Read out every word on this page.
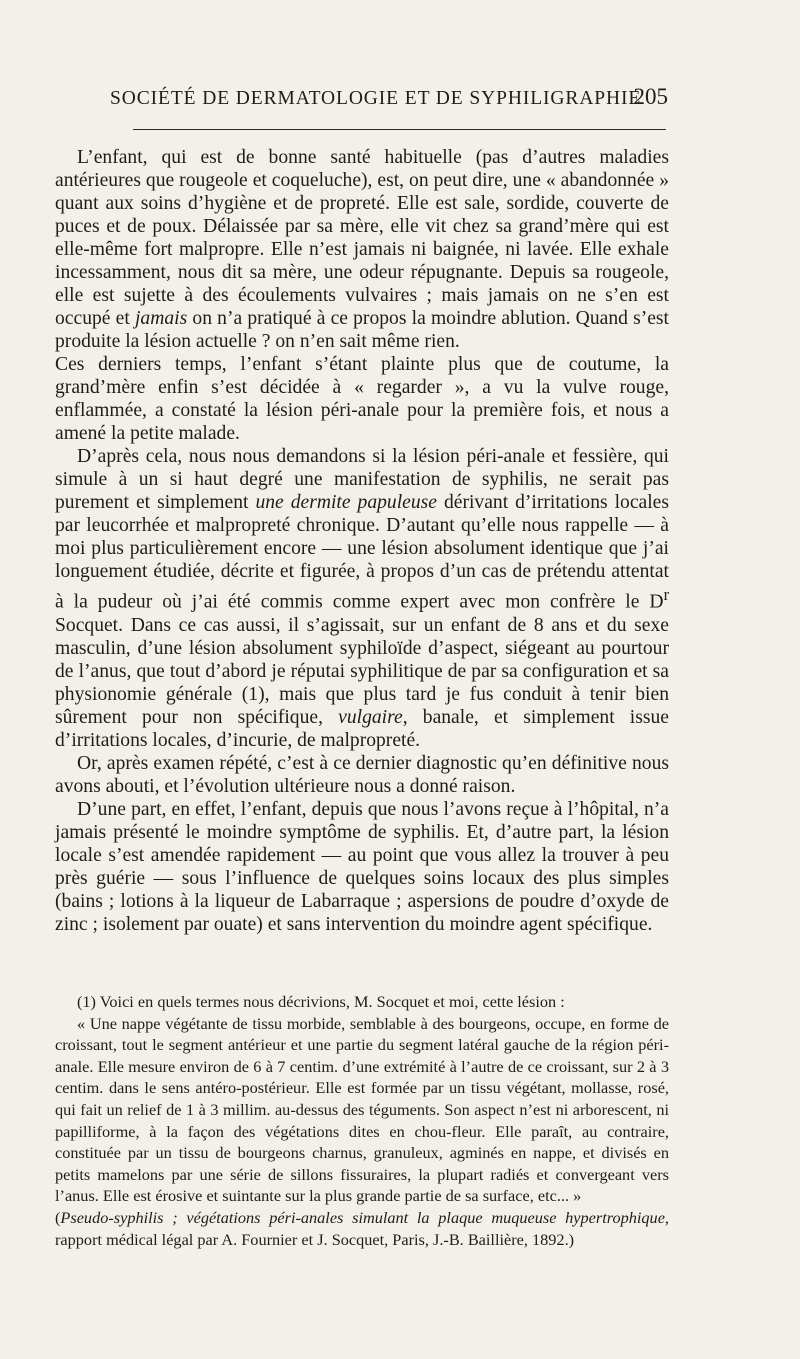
SOCIÉTÉ DE DERMATOLOGIE ET DE SYPHILIGRAPHIE
205

L’enfant, qui est de bonne santé habituelle (pas d’autres maladies antérieures que rougeole et coqueluche), est, on peut dire, une « abandonnée » quant aux soins d’hygiène et de propreté. Elle est sale, sordide, couverte de puces et de poux. Délaissée par sa mère, elle vit chez sa grand’mère qui est elle-même fort malpropre. Elle n’est jamais ni baignée, ni lavée. Elle exhale incessamment, nous dit sa mère, une odeur répugnante. Depuis sa rougeole, elle est sujette à des écoulements vulvaires ; mais jamais on ne s’en est occupé et jamais on n’a pratiqué à ce propos la moindre ablution. Quand s’est produite la lésion actuelle ? on n’en sait même rien.

Ces derniers temps, l’enfant s’étant plainte plus que de coutume, la grand’mère enfin s’est décidée à « regarder », a vu la vulve rouge, enflammée, a constaté la lésion péri-anale pour la première fois, et nous a amené la petite malade.

D’après cela, nous nous demandons si la lésion péri-anale et fessière, qui simule à un si haut degré une manifestation de syphilis, ne serait pas purement et simplement une dermite papuleuse dérivant d’irritations locales par leucorrhée et malpropreté chronique. D’autant qu’elle nous rappelle — à moi plus particulièrement encore — une lésion absolument identique que j’ai longuement étudiée, décrite et figurée, à propos d’un cas de prétendu attentat à la pudeur où j’ai été commis comme expert avec mon confrère le $D^r$ Socquet. Dans ce cas aussi, il s’agissait, sur un enfant de 8 ans et du sexe masculin, d’une lésion absolument syphiloïde d’aspect, siégeant au pourtour de l’anus, que tout d’abord je réputai syphilitique de par sa configuration et sa physionomie générale (1), mais que plus tard je fus conduit à tenir bien sûrement pour non spécifique, vulgaire, banale, et simplement issue d’irritations locales, d’incurie, de malpropreté.

Or, après examen répété, c’est à ce dernier diagnostic qu’en définitive nous avons abouti, et l’évolution ultérieure nous a donné raison.

D’une part, en effet, l’enfant, depuis que nous l’avons reçue à l’hôpital, n’a jamais présenté le moindre symptôme de syphilis. Et, d’autre part, la lésion locale s’est amendée rapidement — au point que vous allez la trouver à peu près guérie — sous l’influence de quelques soins locaux des plus simples (bains ; lotions à la liqueur de Labarraque ; aspersions de poudre d’oxyde de zinc ; isolement par ouate) et sans intervention du moindre agent spécifique.

(1) Voici en quels termes nous décrivions, M. Socquet et moi, cette lésion :

« Une nappe végétante de tissu morbide, semblable à des bourgeons, occupe, en forme de croissant, tout le segment antérieur et une partie du segment latéral gauche de la région péri-anale. Elle mesure environ de 6 à 7 centim. d’une extrémité à l’autre de ce croissant, sur 2 à 3 centim. dans le sens antéro-postérieur. Elle est formée par un tissu végétant, mollasse, rosé, qui fait un relief de 1 à 3 millim. au-dessus des téguments. Son aspect n’est ni arborescent, ni papilliforme, à la façon des végétations dites en chou-fleur. Elle paraît, au contraire, constituée par un tissu de bourgeons charnus, granuleux, agminés en nappe, et divisés en petits mamelons par une série de sillons fissuraires, la plupart radiés et convergeant vers l’anus. Elle est érosive et suintante sur la plus grande partie de sa surface, etc... »

(Pseudo-syphilis ; végétations péri-anales simulant la plaque muqueuse hypertrophique, rapport médical légal par A. Fournier et J. Socquet, Paris, J.-B. Baillière, 1892.)
